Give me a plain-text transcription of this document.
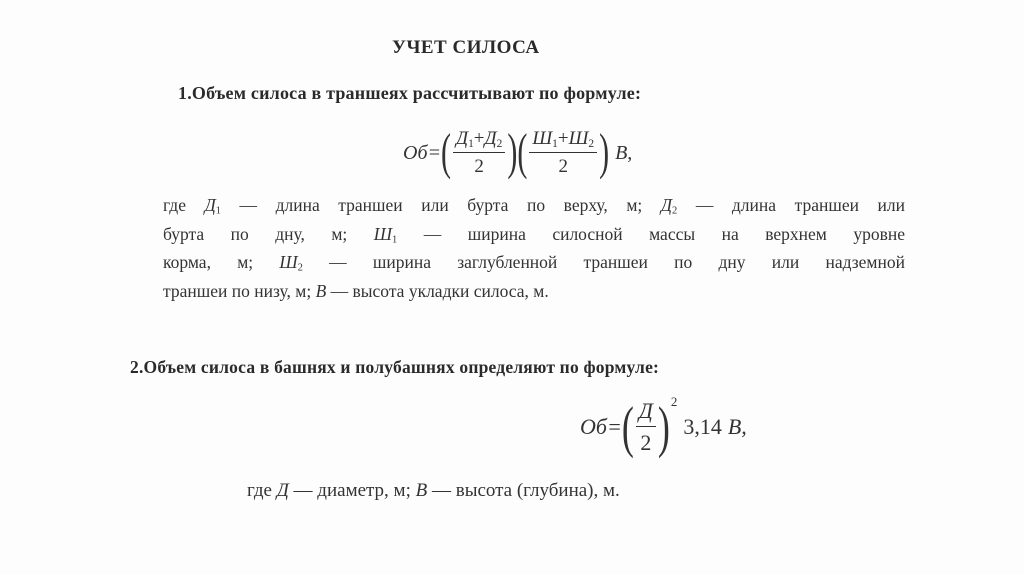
УЧЕТ СИЛОСА
1.Объем силоса в траншеях рассчитывают по формуле:
Об= ( $\frac{Д_1+Д_2}{2}$ ) ( $\frac{Ш_1+Ш_2}{2}$ ) В,
где $Д_1$ — длина траншеи или бурта по верху, м; $Д_2$ — длина траншеи или
бурта по дну, м; $Ш_1$ — ширина силосной массы на верхнем уровне
корма, м; $Ш_2$ — ширина заглубленной траншеи по дну или надземной
траншеи по низу, м; В — высота укладки силоса, м.
2.Объем силоса в башнях и полубашнях определяют по формуле:
Об= ( $\frac{Д}{2}$ ) 2
3,14 В,
где Д — диаметр, м; В — высота (глубина), м.
